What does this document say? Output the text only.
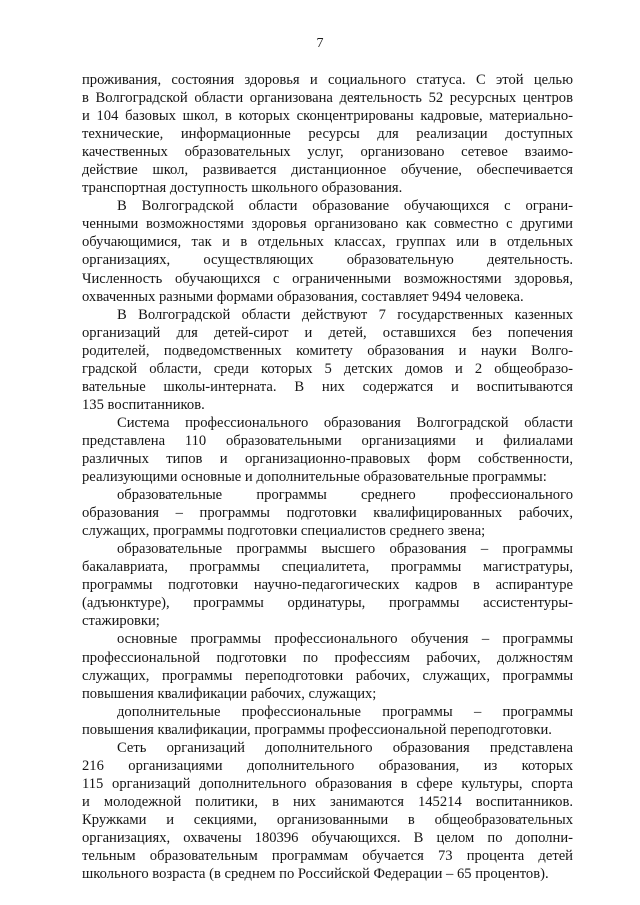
7

проживания, состояния здоровья и социального статуса. С этой целью

в Волгоградской области организована деятельность 52 ресурсных центров

и 104 базовых школ, в которых сконцентрированы кадровые, материально-

технические, информационные ресурсы для реализации доступных

качественных образовательных услуг, организовано сетевое взаимо-

действие школ, развивается дистанционное обучение, обеспечивается

транспортная доступность школьного образования.

В Волгоградской области образование обучающихся с ограни-

ченными возможностями здоровья организовано как совместно с другими

обучающимися, так и в отдельных классах, группах или в отдельных

организациях, осуществляющих образовательную деятельность.

Численность обучающихся с ограниченными возможностями здоровья,

охваченных разными формами образования, составляет 9494 человека.

В Волгоградской области действуют 7 государственных казенных

организаций для детей-сирот и детей, оставшихся без попечения

родителей, подведомственных комитету образования и науки Волго-

градской области, среди которых 5 детских домов и 2 общеобразо-

вательные школы-интерната. В них содержатся и воспитываются

135 воспитанников.

Система профессионального образования Волгоградской области

представлена 110 образовательными организациями и филиалами

различных типов и организационно-правовых форм собственности,

реализующими основные и дополнительные образовательные программы:

образовательные программы среднего профессионального

образования – программы подготовки квалифицированных рабочих,

служащих, программы подготовки специалистов среднего звена;

образовательные программы высшего образования – программы

бакалавриата, программы специалитета, программы магистратуры,

программы подготовки научно-педагогических кадров в аспирантуре

(адъюнктуре), программы ординатуры, программы ассистентуры-

стажировки;

основные программы профессионального обучения – программы

профессиональной подготовки по профессиям рабочих, должностям

служащих, программы переподготовки рабочих, служащих, программы

повышения квалификации рабочих, служащих;

дополнительные профессиональные программы – программы

повышения квалификации, программы профессиональной переподготовки.

Сеть организаций дополнительного образования представлена

216 организациями дополнительного образования, из которых

115 организаций дополнительного образования в сфере культуры, спорта

и молодежной политики, в них занимаются 145214 воспитанников.

Кружками и секциями, организованными в общеобразовательных

организациях, охвачены 180396 обучающихся. В целом по дополни-

тельным образовательным программам обучается 73 процента детей

школьного возраста (в среднем по Российской Федерации – 65 процентов).
